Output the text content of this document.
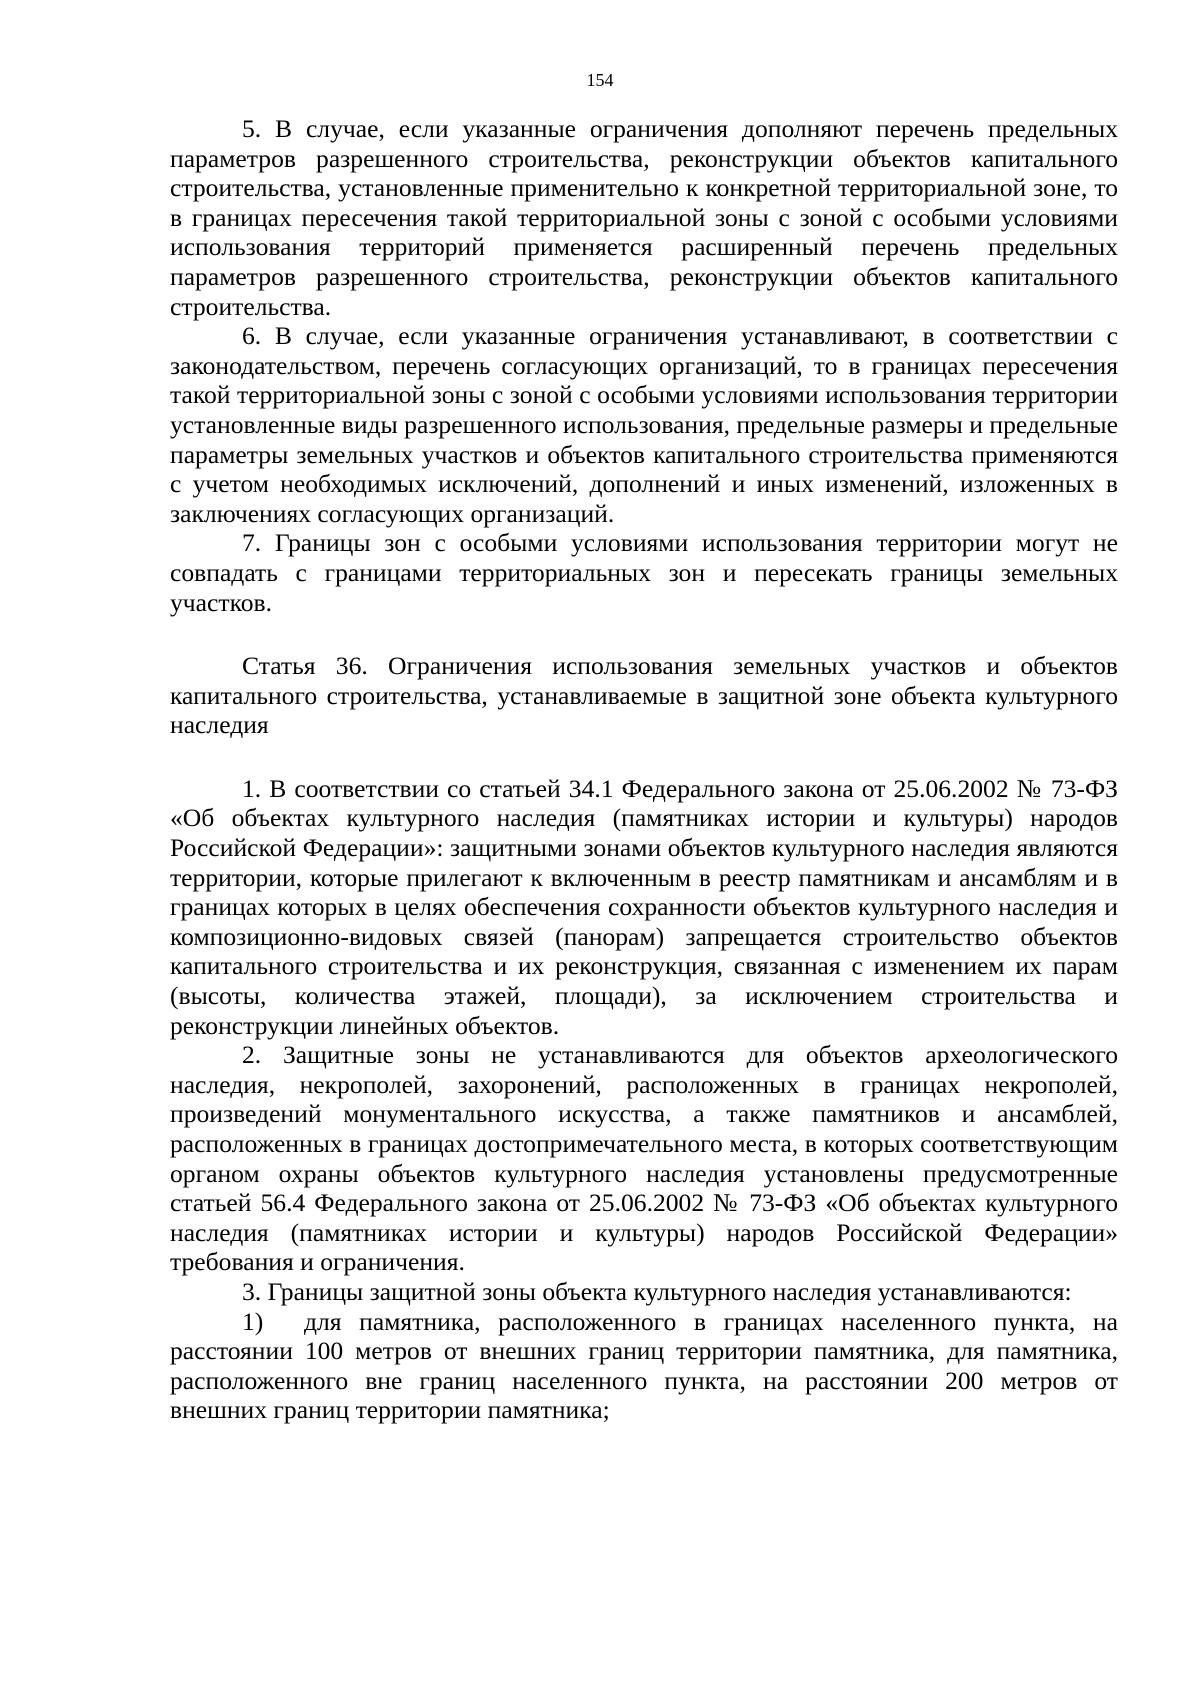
154

5. В случае, если указанные ограничения дополняют перечень предельных параметров разрешенного строительства, реконструкции объектов капитального строительства, установленные применительно к конкретной территориальной зоне, то в границах пересечения такой территориальной зоны с зоной с особыми условиями использования территорий применяется расширенный перечень предельных параметров разрешенного строительства, реконструкции объектов капитального строительства.

6. В случае, если указанные ограничения устанавливают, в соответствии с законодательством, перечень согласующих организаций, то в границах пересечения такой территориальной зоны с зоной с особыми условиями использования территории установленные виды разрешенного использования, предельные размеры и предельные параметры земельных участков и объектов капитального строительства применяются с учетом необходимых исключений, дополнений и иных изменений, изложенных в заключениях согласующих организаций.

7. Границы зон с особыми условиями использования территории могут не совпадать с границами территориальных зон и пересекать границы земельных участков.

Статья 36. Ограничения использования земельных участков и объектов капитального строительства, устанавливаемые в защитной зоне объекта культурного наследия

1. В соответствии со статьей 34.1 Федерального закона от 25.06.2002 № 73-ФЗ «Об объектах культурного наследия (памятниках истории и культуры) народов Российской Федерации»: защитными зонами объектов культурного наследия являются территории, которые прилегают к включенным в реестр памятникам и ансамблям и в границах которых в целях обеспечения сохранности объектов культурного наследия и композиционно-видовых связей (панорам) запрещается строительство объектов капитального строительства и их реконструкция, связанная с изменением их парам (высоты, количества этажей, площади), за исключением строительства и реконструкции линейных объектов.

2. Защитные зоны не устанавливаются для объектов археологического наследия, некрополей, захоронений, расположенных в границах некрополей, произведений монументального искусства, а также памятников и ансамблей, расположенных в границах достопримечательного места, в которых соответствующим органом охраны объектов культурного наследия установлены предусмотренные статьей 56.4 Федерального закона от 25.06.2002 № 73-ФЗ «Об объектах культурного наследия (памятниках истории и культуры) народов Российской Федерации» требования и ограничения.

3. Границы защитной зоны объекта культурного наследия устанавливаются:

1) для памятника, расположенного в границах населенного пункта, на расстоянии 100 метров от внешних границ территории памятника, для памятника, расположенного вне границ населенного пункта, на расстоянии 200 метров от внешних границ территории памятника;
